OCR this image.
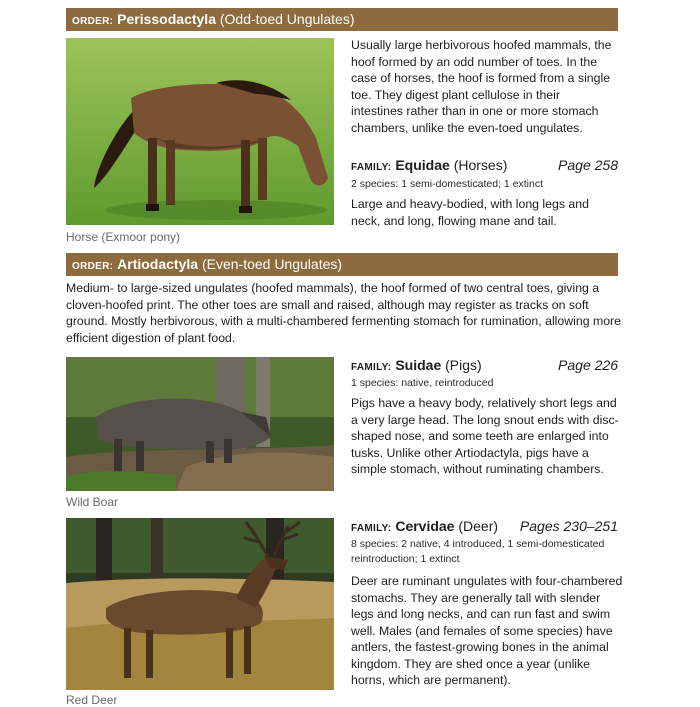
ORDER: Perissodactyla (Odd-toed Ungulates)
Horse (Exmoor pony)

Usually large herbivorous hoofed mammals, the hoof formed by an odd number of toes. In the case of horses, the hoof is formed from a single toe. They digest plant cellulose in their intestines rather than in one or more stomach chambers, unlike the even-toed ungulates.

FAMILY: Equidae (Horses)	Page 258

2 species: 1 semi-domesticated; 1 extinct

Large and heavy-bodied, with long legs and neck, and long, flowing mane and tail.

ORDER: Artiodactyla (Even-toed Ungulates)

Medium- to large-sized ungulates (hoofed mammals), the hoof formed of two central toes, giving a cloven-hoofed print. The other toes are small and raised, although may register as tracks on soft ground. Mostly herbivorous, with a multi-chambered fermenting stomach for rumination, allowing more efficient digestion of plant food.

Wild Boar
FAMILY: Suidae (Pigs)	Page 226

1 species: native, reintroduced

Pigs have a heavy body, relatively short legs and a very large head. The long snout ends with disc-shaped nose, and some teeth are enlarged into tusks. Unlike other Artiodactyla, pigs have a simple stomach, without ruminating chambers.

Red Deer
FAMILY: Cervidae (Deer) Pages 230–251

8 species: 2 native, 4 introduced, 1 semi-domesticated reintroduction; 1 extinct

Deer are ruminant ungulates with four-chambered stomachs. They are generally tall with slender legs and long necks, and can run fast and swim well. Males (and females of some species) have antlers, the fastest-growing bones in the animal kingdom. They are shed once a year (unlike horns, which are permanent).
